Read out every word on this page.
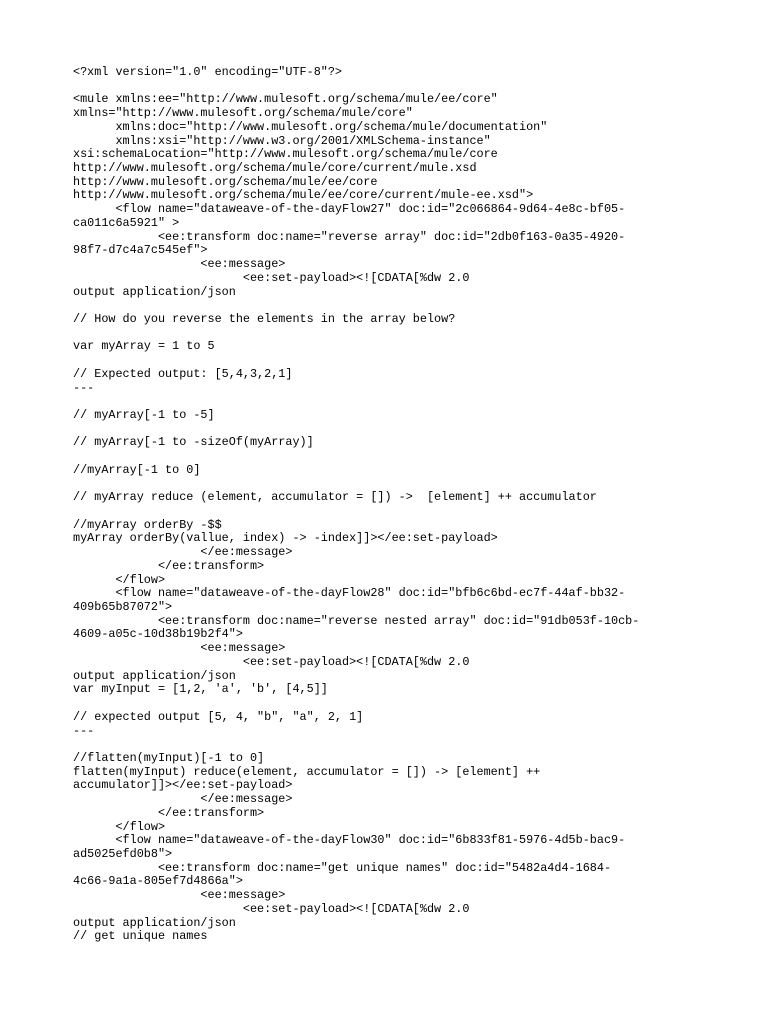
<?xml version="1.0" encoding="UTF-8"?>
<mule xmlns:ee="http://www.mulesoft.org/schema/mule/ee/core"
xmlns="http://www.mulesoft.org/schema/mule/core"
xmlns:doc="http://www.mulesoft.org/schema/mule/documentation"
xmlns:xsi="http://www.w3.org/2001/XMLSchema-instance"
xsi:schemaLocation="http://www.mulesoft.org/schema/mule/core
http://www.mulesoft.org/schema/mule/core/current/mule.xsd
http://www.mulesoft.org/schema/mule/ee/core
http://www.mulesoft.org/schema/mule/ee/core/current/mule-ee.xsd">
<flow name="dataweave-of-the-dayFlow27" doc:id="2c066864-9d64-4e8c-bf05-
ca011c6a5921" >
<ee:transform doc:name="reverse array" doc:id="2db0f163-0a35-4920-
98f7-d7c4a7c545ef">
<ee:message>
<ee:set-payload><![CDATA[%dw 2.0
output application/json
// How do you reverse the elements in the array below?
var myArray = 1 to 5
// Expected output: [5,4,3,2,1]
---
// myArray[-1 to -5]
// myArray[-1 to -sizeOf(myArray)]
//myArray[-1 to 0]
// myArray reduce (element, accumulator = []) ->  [element] ++ accumulator
//myArray orderBy -$$
myArray orderBy(vallue, index) -> -index]]></ee:set-payload>
</ee:message>
</ee:transform>
</flow>
<flow name="dataweave-of-the-dayFlow28" doc:id="bfb6c6bd-ec7f-44af-bb32-
409b65b87072">
<ee:transform doc:name="reverse nested array" doc:id="91db053f-10cb-
4609-a05c-10d38b19b2f4">
<ee:message>
<ee:set-payload><![CDATA[%dw 2.0
output application/json
var myInput = [1,2, 'a', 'b', [4,5]]
// expected output [5, 4, "b", "a", 2, 1]
---
//flatten(myInput)[-1 to 0]
flatten(myInput) reduce(element, accumulator = []) -> [element] ++
accumulator]]></ee:set-payload>
</ee:message>
</ee:transform>
</flow>
<flow name="dataweave-of-the-dayFlow30" doc:id="6b833f81-5976-4d5b-bac9-
ad5025efd0b8">
<ee:transform doc:name="get unique names" doc:id="5482a4d4-1684-
4c66-9a1a-805ef7d4866a">
<ee:message>
<ee:set-payload><![CDATA[%dw 2.0
output application/json
// get unique names
